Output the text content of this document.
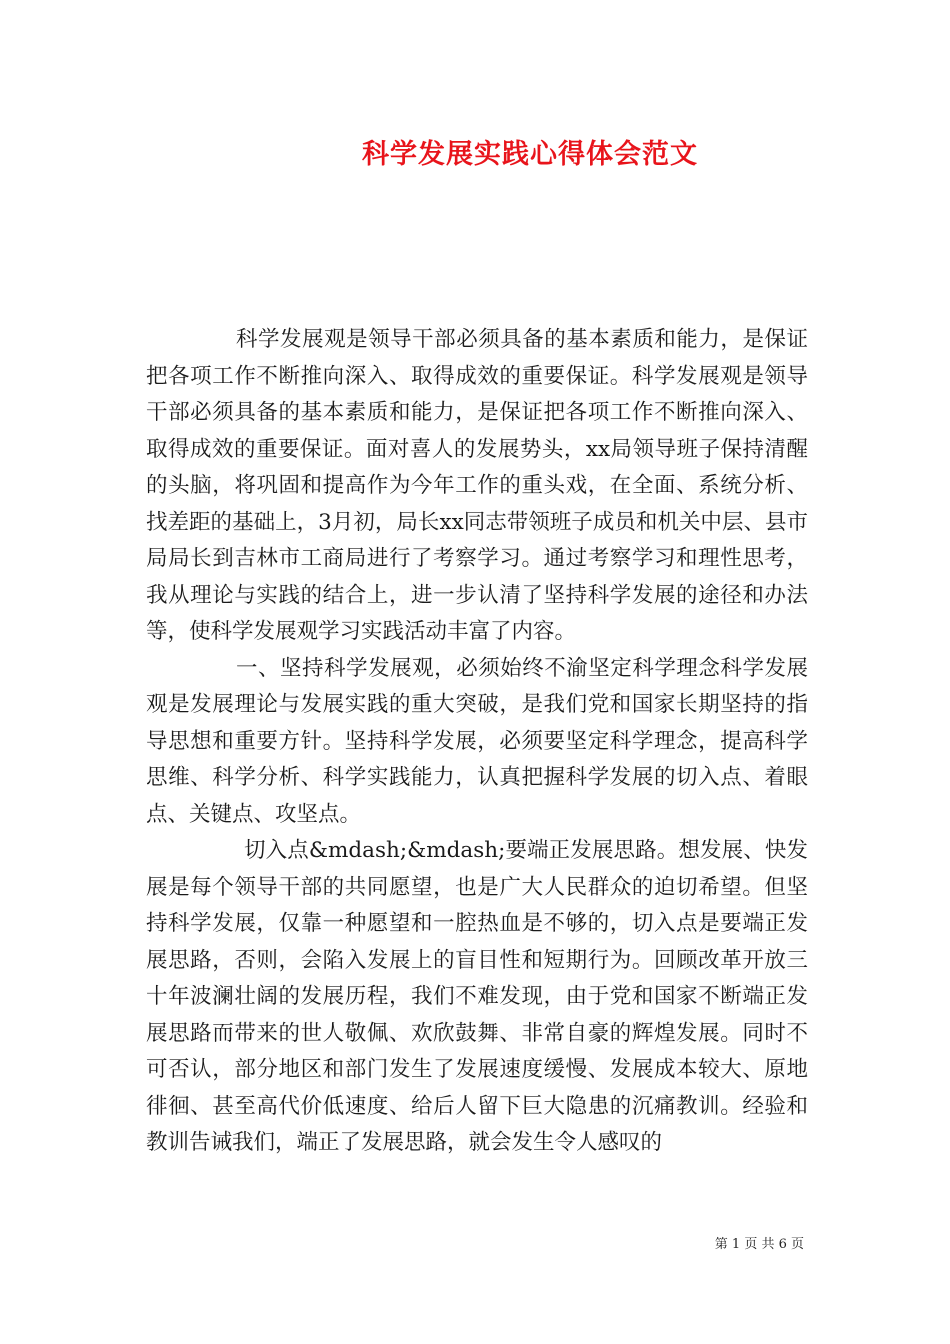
科学发展实践心得体会范文

科学发展观是领导干部必须具备的基本素质和能力，是保证把各项工作不断推向深入、取得成效的重要保证。科学发展观是领导干部必须具备的基本素质和能力，是保证把各项工作不断推向深入、取得成效的重要保证。面对喜人的发展势头，xx局领导班子保持清醒的头脑，将巩固和提高作为今年工作的重头戏，在全面、系统分析、找差距的基础上，3月初，局长xx同志带领班子成员和机关中层、县市局局长到吉林市工商局进行了考察学习。通过考察学习和理性思考，我从理论与实践的结合上，进一步认清了坚持科学发展的途径和办法等，使科学发展观学习实践活动丰富了内容。

一、坚持科学发展观，必须始终不渝坚定科学理念科学发展观是发展理论与发展实践的重大突破，是我们党和国家长期坚持的指导思想和重要方针。坚持科学发展，必须要坚定科学理念，提高科学思维、科学分析、科学实践能力，认真把握科学发展的切入点、着眼点、关键点、攻坚点。

切入点&mdash;&mdash;要端正发展思路。想发展、快发展是每个领导干部的共同愿望，也是广大人民群众的迫切希望。但坚持科学发展，仅靠一种愿望和一腔热血是不够的，切入点是要端正发展思路，否则，会陷入发展上的盲目性和短期行为。回顾改革开放三十年波澜壮阔的发展历程，我们不难发现，由于党和国家不断端正发展思路而带来的世人敬佩、欢欣鼓舞、非常自豪的辉煌发展。同时不可否认，部分地区和部门发生了发展速度缓慢、发展成本较大、原地徘徊、甚至高代价低速度、给后人留下巨大隐患的沉痛教训。经验和教训告诫我们，端正了发展思路，就会发生令人感叹的

第 1 页 共 6 页
